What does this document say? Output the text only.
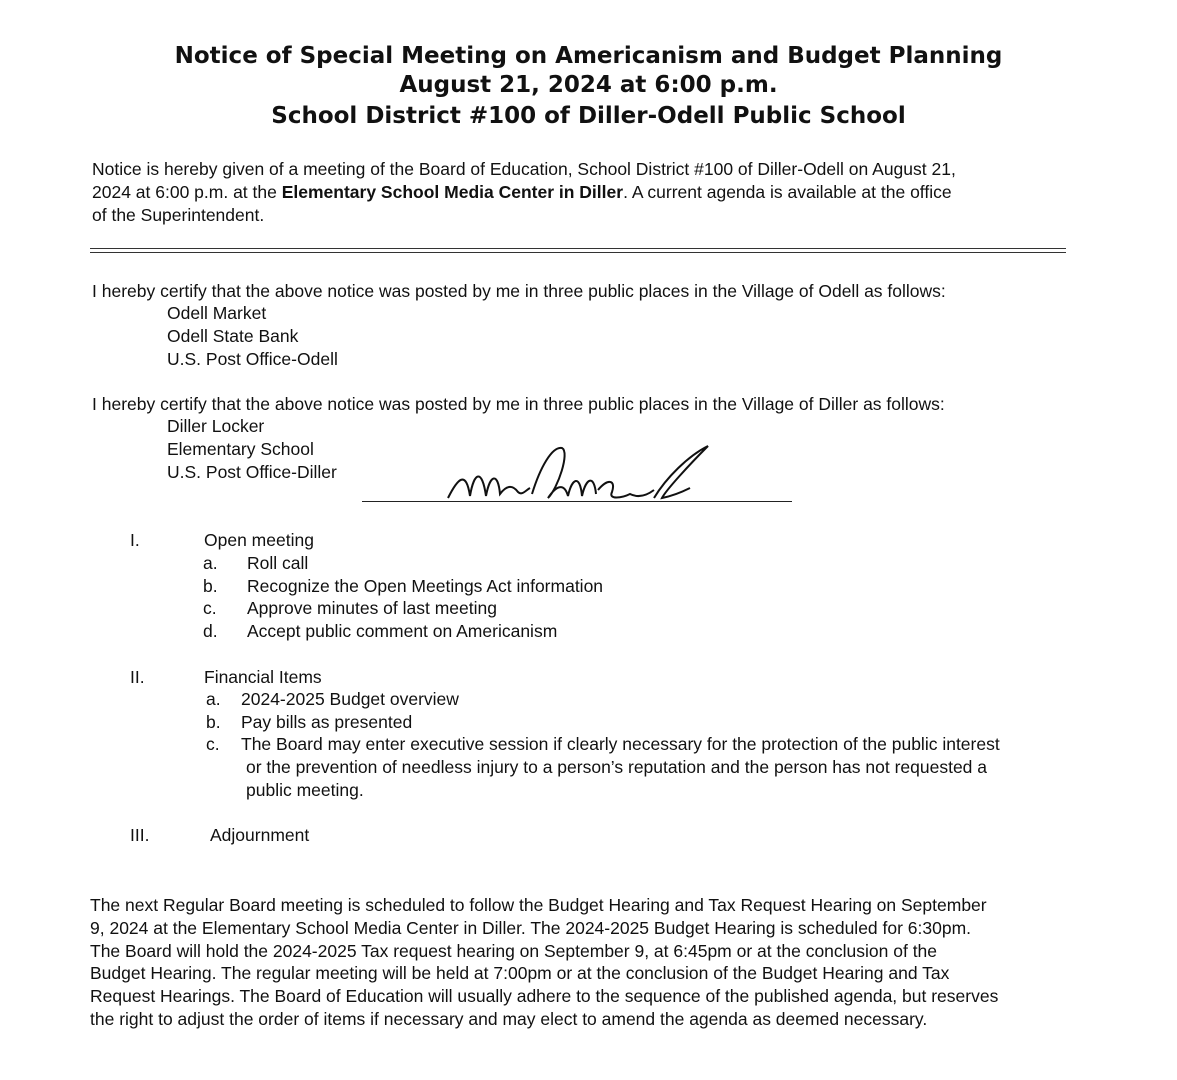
Notice of Special Meeting on Americanism and Budget Planning
August 21, 2024 at 6:00 p.m.
School District #100 of Diller-Odell Public School
Notice is hereby given of a meeting of the Board of Education, School District #100 of Diller-Odell on August 21,
2024 at 6:00 p.m. at the Elementary School Media Center in Diller. A current agenda is available at the office
of the Superintendent.
I hereby certify that the above notice was posted by me in three public places in the Village of Odell as follows:
Odell Market
Odell State Bank
U.S. Post Office-Odell
I hereby certify that the above notice was posted by me in three public places in the Village of Diller as follows:
Diller Locker
Elementary School
U.S. Post Office-Diller
I.	Open meeting
a. Roll call
b. Recognize the Open Meetings Act information
c. Approve minutes of last meeting
d. Accept public comment on Americanism
II.	Financial Items
a. 2024-2025 Budget overview
b. Pay bills as presented
c. The Board may enter executive session if clearly necessary for the protection of the public interest
or the prevention of needless injury to a person’s reputation and the person has not requested a
public meeting.
III.	Adjournment
The next Regular Board meeting is scheduled to follow the Budget Hearing and Tax Request Hearing on September
9, 2024 at the Elementary School Media Center in Diller. The 2024-2025 Budget Hearing is scheduled for 6:30pm.
The Board will hold the 2024-2025 Tax request hearing on September 9, at 6:45pm or at the conclusion of the
Budget Hearing. The regular meeting will be held at 7:00pm or at the conclusion of the Budget Hearing and Tax
Request Hearings. The Board of Education will usually adhere to the sequence of the published agenda, but reserves
the right to adjust the order of items if necessary and may elect to amend the agenda as deemed necessary.
